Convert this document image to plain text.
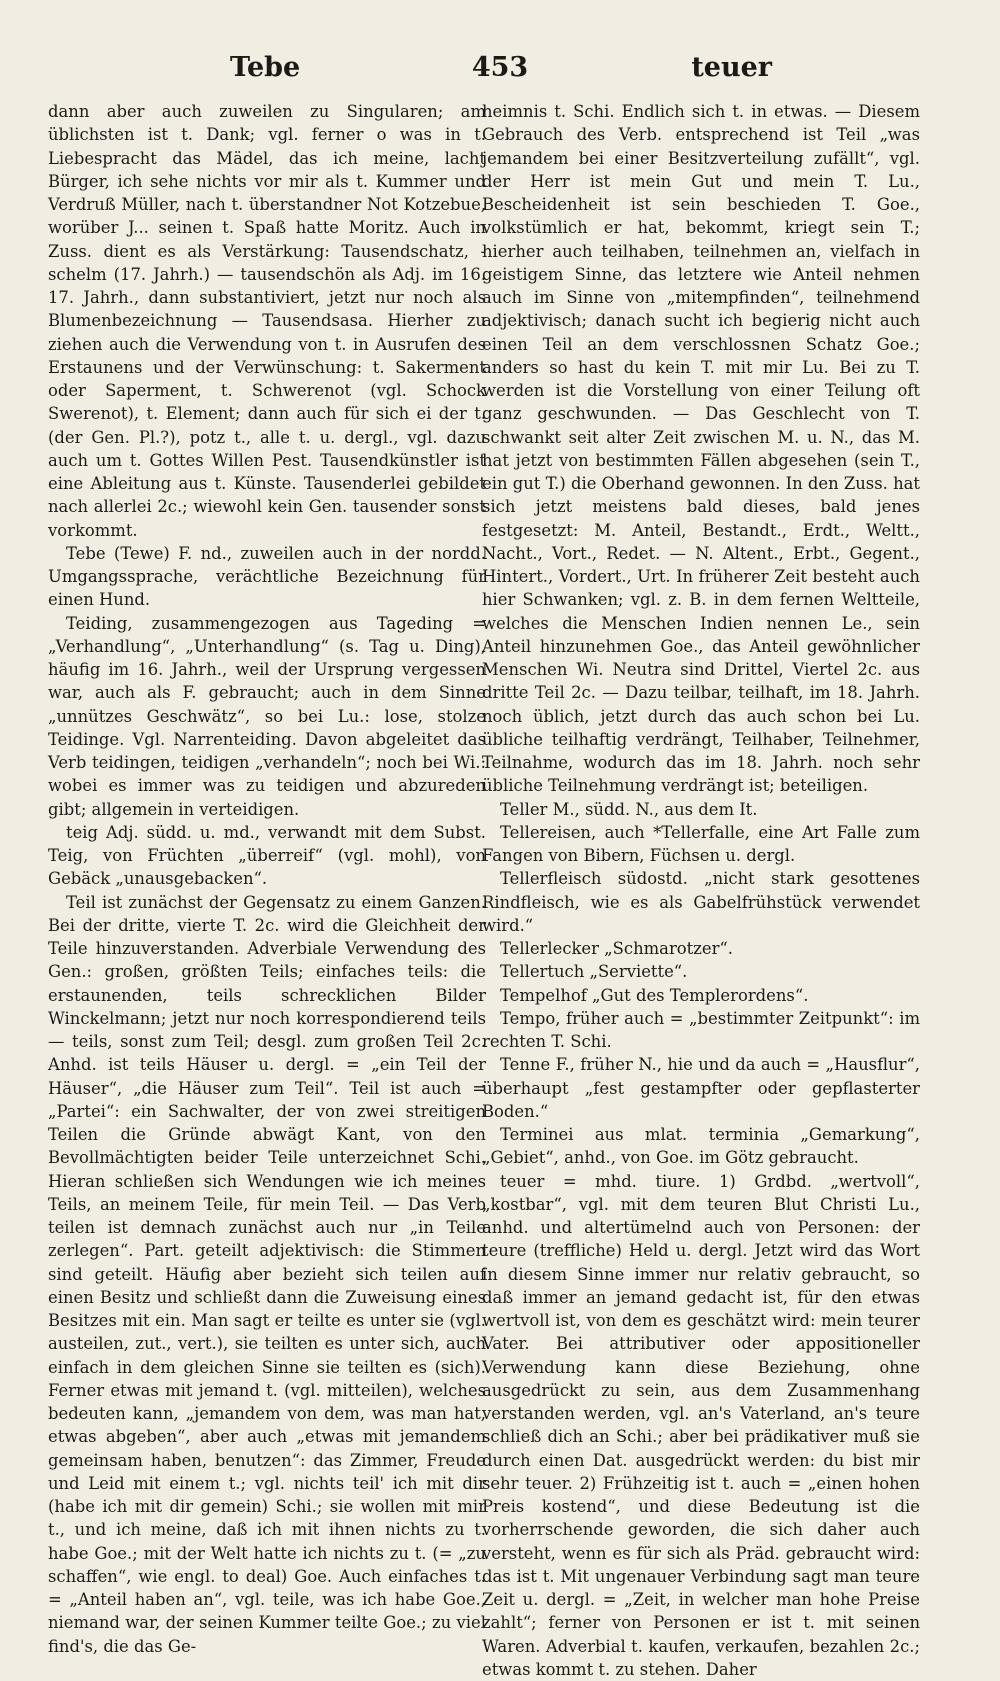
Tebe	453	teuer

dann aber auch zuweilen zu Singularen; am üblichsten ist t. Dank; vgl. ferner o was in t. Liebespracht das Mädel, das ich meine, lacht Bürger, ich sehe nichts vor mir als t. Kummer und Verdruß Müller, nach t. überstandner Not Kotzebue, worüber J... seinen t. Spaß hatte Moritz. Auch in Zuss. dient es als Verstärkung: Tausendschatz, -schelm (17. Jahrh.) — tausendschön als Adj. im 16. 17. Jahrh., dann substantiviert, jetzt nur noch als Blumenbezeichnung — Tausendsasa. Hierher zu ziehen auch die Verwendung von t. in Ausrufen des Erstaunens und der Verwünschung: t. Sakerment oder Saperment, t. Schwerenot (vgl. Schock Swerenot), t. Element; dann auch für sich ei der t. (der Gen. Pl.?), potz t., alle t. u. dergl., vgl. dazu auch um t. Gottes Willen Pest. Tausendkünstler ist eine Ableitung aus t. Künste. Tausenderlei gebildet nach allerlei 2c.; wiewohl kein Gen. tausender sonst vorkommt.

Tebe (Tewe) F. nd., zuweilen auch in der nordd. Umgangssprache, verächtliche Bezeichnung für einen Hund.

Teiding, zusammengezogen aus Tageding = „Verhandlung“, „Unterhandlung“ (s. Tag u. Ding), häufig im 16. Jahrh., weil der Ursprung vergessen war, auch als F. gebraucht; auch in dem Sinne „unnützes Geschwätz“, so bei Lu.: lose, stolze Teidinge. Vgl. Narrenteiding. Davon abgeleitet das Verb teidingen, teidigen „verhandeln“; noch bei Wi.: wobei es immer was zu teidigen und abzureden gibt; allgemein in verteidigen.

teig Adj. südd. u. md., verwandt mit dem Subst. Teig, von Früchten „überreif“ (vgl. mohl), von Gebäck „unausgebacken“.

Teil ist zunächst der Gegensatz zu einem Ganzen. Bei der dritte, vierte T. 2c. wird die Gleichheit der Teile hinzuverstanden. Adverbiale Verwendung des Gen.: großen, größten Teils; einfaches teils: die erstaunenden, teils schrecklichen Bilder Winckelmann; jetzt nur noch korrespondierend teils — teils, sonst zum Teil; desgl. zum großen Teil 2c. Anhd. ist teils Häuser u. dergl. = „ein Teil der Häuser“, „die Häuser zum Teil“. Teil ist auch = „Partei“: ein Sachwalter, der von zwei streitigen Teilen die Gründe abwägt Kant, von den Bevollmächtigten beider Teile unterzeichnet Schi. Hieran schließen sich Wendungen wie ich meines Teils, an meinem Teile, für mein Teil. — Das Verb teilen ist demnach zunächst auch nur „in Teile zerlegen“. Part. geteilt adjektivisch: die Stimmen sind geteilt. Häufig aber bezieht sich teilen auf einen Besitz und schließt dann die Zuweisung eines Besitzes mit ein. Man sagt er teilte es unter sie (vgl. austeilen, zut., vert.), sie teilten es unter sich, auch einfach in dem gleichen Sinne sie teilten es (sich). Ferner etwas mit jemand t. (vgl. mitteilen), welches bedeuten kann, „jemandem von dem, was man hat, etwas abgeben“, aber auch „etwas mit jemandem gemeinsam haben, benutzen“: das Zimmer, Freude und Leid mit einem t.; vgl. nichts teil' ich mit dir (habe ich mit dir gemein) Schi.; sie wollen mit mir t., und ich meine, daß ich mit ihnen nichts zu t. habe Goe.; mit der Welt hatte ich nichts zu t. (= „zu schaffen“, wie engl. to deal) Goe. Auch einfaches t. = „Anteil haben an“, vgl. teile, was ich habe Goe., niemand war, der seinen Kummer teilte Goe.; zu viel find's, die das Ge-

heimnis t. Schi. Endlich sich t. in etwas. — Diesem Gebrauch des Verb. entsprechend ist Teil „was jemandem bei einer Besitzverteilung zufällt“, vgl. der Herr ist mein Gut und mein T. Lu., Bescheidenheit ist sein beschieden T. Goe., volkstümlich er hat, bekommt, kriegt sein T.; hierher auch teilhaben, teilnehmen an, vielfach in geistigem Sinne, das letztere wie Anteil nehmen auch im Sinne von „mitempfinden“, teilnehmend adjektivisch; danach sucht ich begierig nicht auch einen Teil an dem verschlossnen Schatz Goe.; anders so hast du kein T. mit mir Lu. Bei zu T. werden ist die Vorstellung von einer Teilung oft ganz geschwunden. — Das Geschlecht von T. schwankt seit alter Zeit zwischen M. u. N., das M. hat jetzt von bestimmten Fällen abgesehen (sein T., ein gut T.) die Oberhand gewonnen. In den Zuss. hat sich jetzt meistens bald dieses, bald jenes festgesetzt: M. Anteil, Bestandt., Erdt., Weltt., Nacht., Vort., Redet. — N. Altent., Erbt., Gegent., Hintert., Vordert., Urt. In früherer Zeit besteht auch hier Schwanken; vgl. z. B. in dem fernen Weltteile, welches die Menschen Indien nennen Le., sein Anteil hinzunehmen Goe., das Anteil gewöhnlicher Menschen Wi. Neutra sind Drittel, Viertel 2c. aus dritte Teil 2c. — Dazu teilbar, teilhaft, im 18. Jahrh. noch üblich, jetzt durch das auch schon bei Lu. übliche teilhaftig verdrängt, Teilhaber, Teilnehmer, Teilnahme, wodurch das im 18. Jahrh. noch sehr übliche Teilnehmung verdrängt ist; beteiligen.

Teller M., südd. N., aus dem It.

Tellereisen, auch *Tellerfalle, eine Art Falle zum Fangen von Bibern, Füchsen u. dergl.

Tellerfleisch südostd. „nicht stark gesottenes Rindfleisch, wie es als Gabelfrühstück verwendet wird.“

Tellerlecker „Schmarotzer“.

Tellertuch „Serviette“.

Tempelhof „Gut des Templerordens“.

Tempo, früher auch = „bestimmter Zeitpunkt“: im rechten T. Schi.

Tenne F., früher N., hie und da auch = „Hausflur“, überhaupt „fest gestampfter oder gepflasterter Boden.“

Terminei aus mlat. terminia „Gemarkung“, „Gebiet“, anhd., von Goe. im Götz gebraucht.

teuer = mhd. tiure. 1) Grdbd. „wertvoll“, „kostbar“, vgl. mit dem teuren Blut Christi Lu., anhd. und altertümelnd auch von Personen: der teure (treffliche) Held u. dergl. Jetzt wird das Wort in diesem Sinne immer nur relativ gebraucht, so daß immer an jemand gedacht ist, für den etwas wertvoll ist, von dem es geschätzt wird: mein teurer Vater. Bei attributiver oder appositioneller Verwendung kann diese Beziehung, ohne ausgedrückt zu sein, aus dem Zusammenhang verstanden werden, vgl. an's Vaterland, an's teure schließ dich an Schi.; aber bei prädikativer muß sie durch einen Dat. ausgedrückt werden: du bist mir sehr teuer. 2) Frühzeitig ist t. auch = „einen hohen Preis kostend“, und diese Bedeutung ist die vorherrschende geworden, die sich daher auch versteht, wenn es für sich als Präd. gebraucht wird: das ist t. Mit ungenauer Verbindung sagt man teure Zeit u. dergl. = „Zeit, in welcher man hohe Preise zahlt“; ferner von Personen er ist t. mit seinen Waren. Adverbial t. kaufen, verkaufen, bezahlen 2c.; etwas kommt t. zu stehen. Daher
